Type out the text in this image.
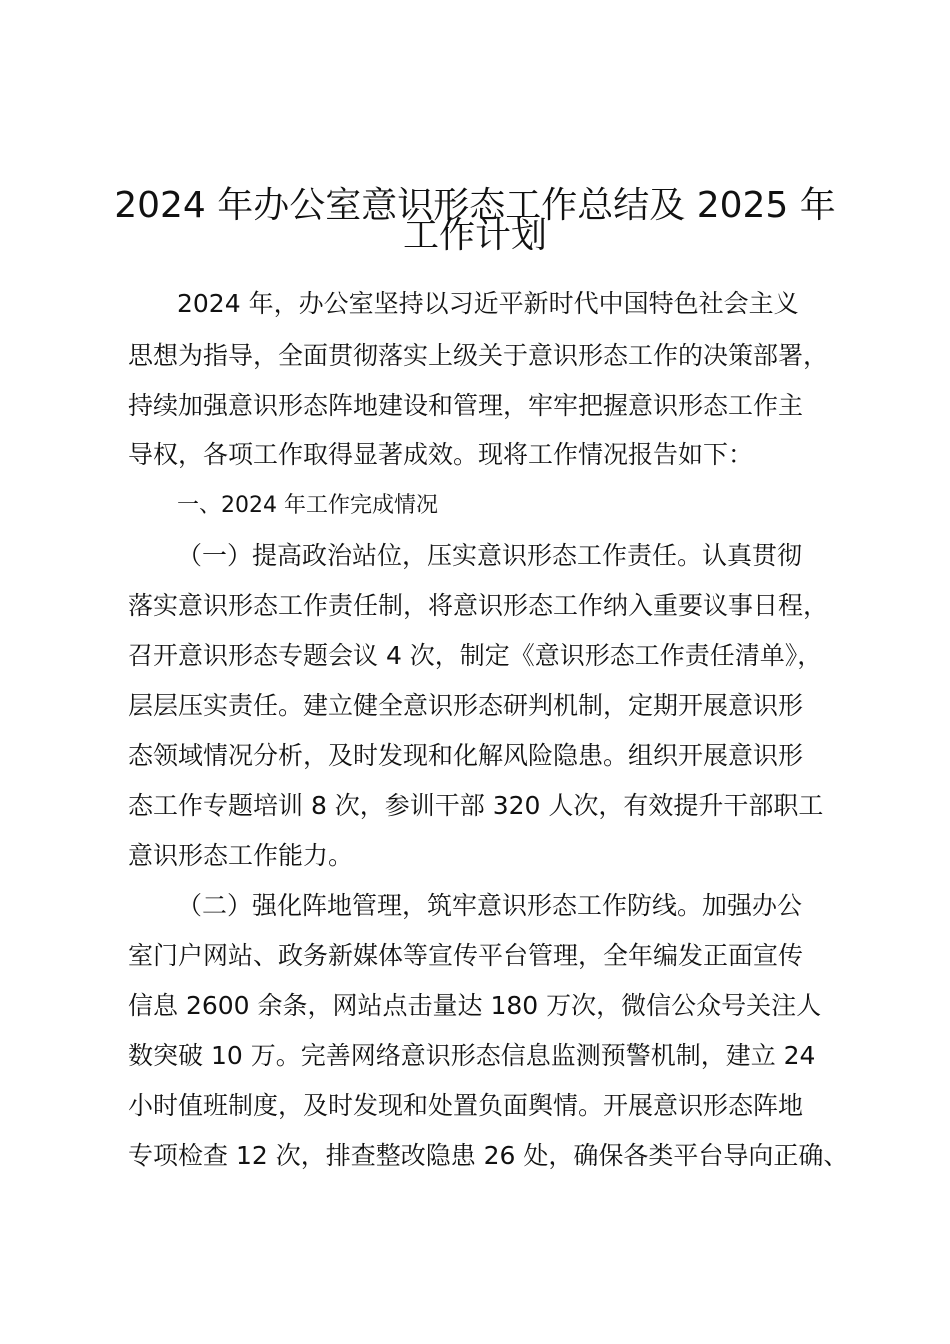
2024 年办公室意识形态工作总结及 2025 年
工作计划

2024 年，办公室坚持以习近平新时代中国特色社会主义

思想为指导，全面贯彻落实上级关于意识形态工作的决策部署，

持续加强意识形态阵地建设和管理，牢牢把握意识形态工作主

导权，各项工作取得显著成效。现将工作情况报告如下：

一、2024 年工作完成情况

（一）提高政治站位，压实意识形态工作责任。认真贯彻

落实意识形态工作责任制，将意识形态工作纳入重要议事日程，

召开意识形态专题会议 4 次，制定《意识形态工作责任清单》，

层层压实责任。建立健全意识形态研判机制，定期开展意识形

态领域情况分析，及时发现和化解风险隐患。组织开展意识形

态工作专题培训 8 次，参训干部 320 人次，有效提升干部职工

意识形态工作能力。

（二）强化阵地管理，筑牢意识形态工作防线。加强办公

室门户网站、政务新媒体等宣传平台管理，全年编发正面宣传

信息 2600 余条，网站点击量达 180 万次，微信公众号关注人

数突破 10 万。完善网络意识形态信息监测预警机制，建立 24

小时值班制度，及时发现和处置负面舆情。开展意识形态阵地

专项检查 12 次，排查整改隐患 26 处，确保各类平台导向正确、
